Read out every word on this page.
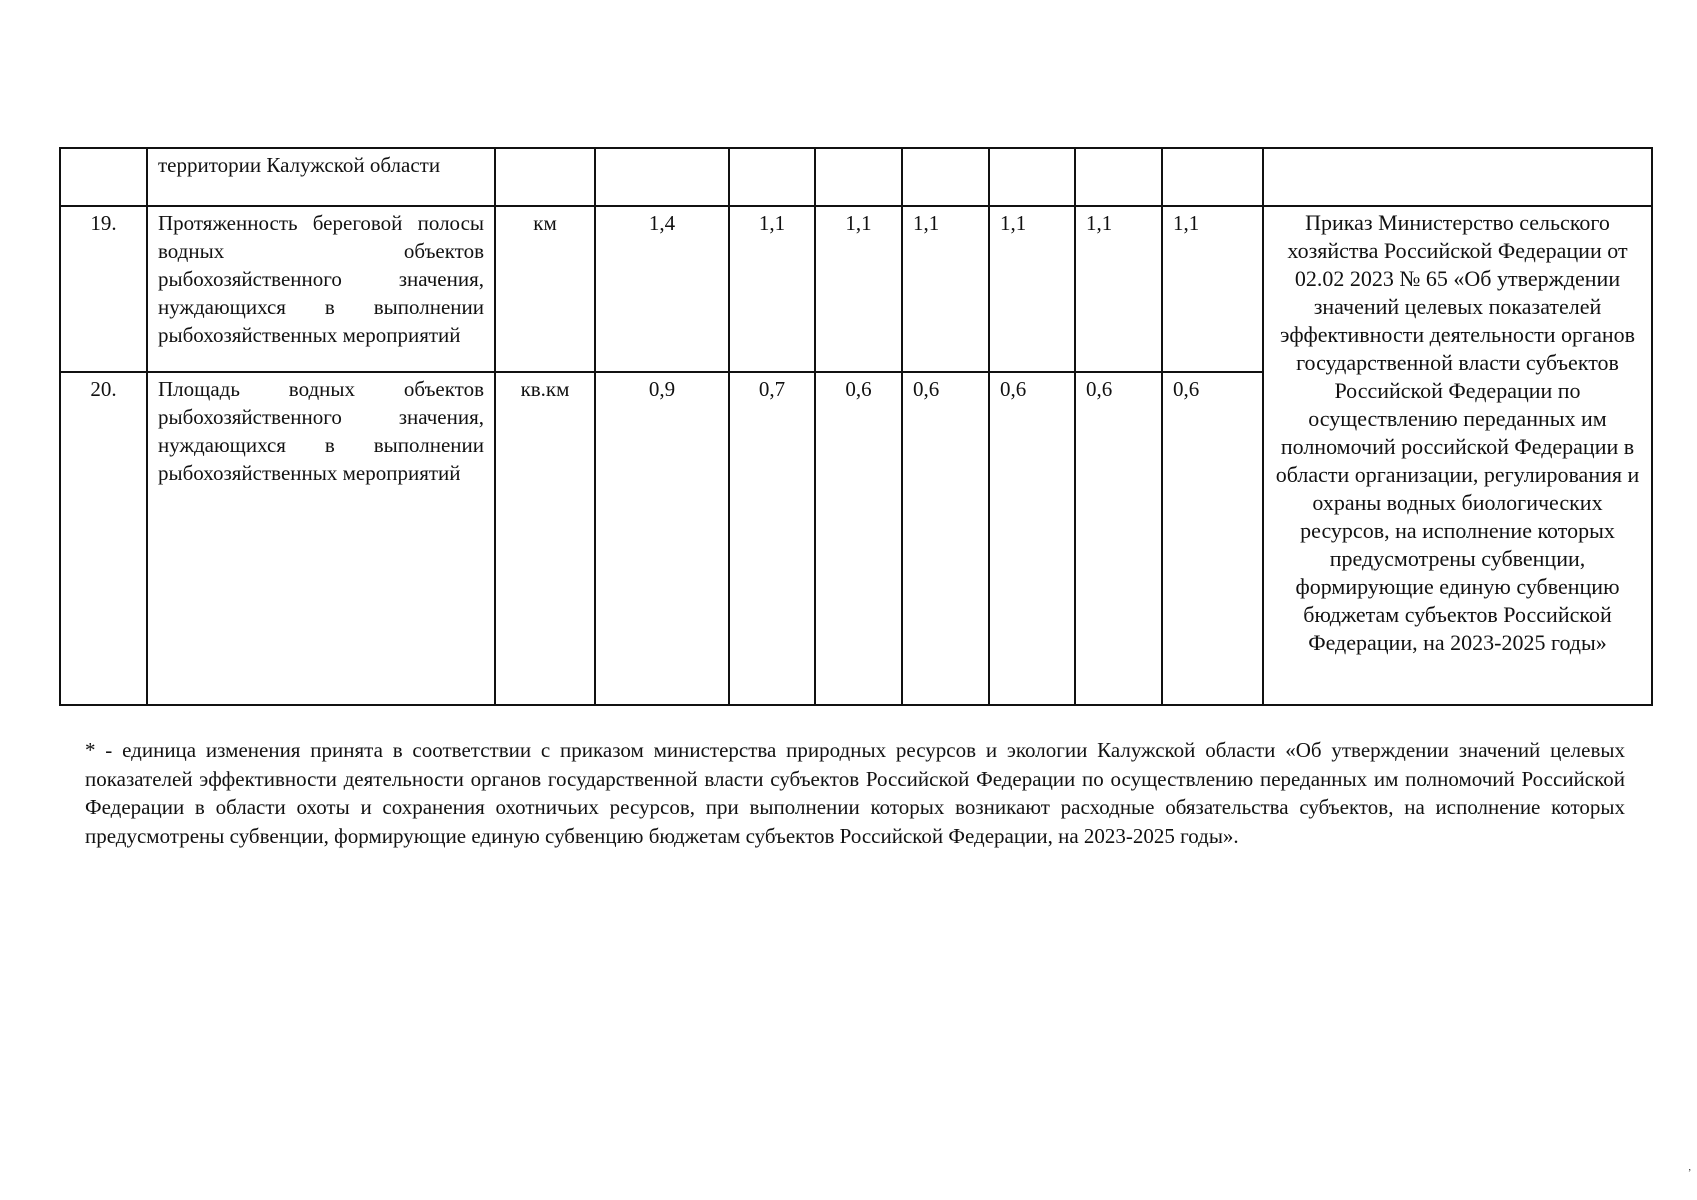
	территории Калужской области									

19.	Протяженность береговой полосы водных объектов рыбохозяйственного значения, нуждающихся в выполнении рыбохозяйственных мероприятий	км	1,4	1,1	1,1	1,1	1,1	1,1	1,1	Приказ Министерство сельского хозяйства Российской Федерации от 02.02 2023 № 65 «Об утверждении значений целевых показателей эффективности деятельности органов государственной власти субъектов Российской Федерации по осуществлению переданных им полномочий российской Федерации в области организации, регулирования и охраны водных биологических ресурсов, на исполнение которых предусмотрены субвенции, формирующие единую субвенцию бюджетам субъектов Российской Федерации, на 2023-2025 годы»
20.	Площадь водных объектов рыбохозяйственного значения, нуждающихся в выполнении рыбохозяйственных мероприятий	кв.км	0,9	0,7	0,6	0,6	0,6	0,6	0,6	

* - единица изменения принята в соответствии с приказом министерства природных ресурсов и экологии Калужской области «Об утверждении значений целевых показателей эффективности деятельности органов государственной власти субъектов Российской Федерации по осуществлению переданных им полномочий Российской Федерации в области охоты и сохранения охотничьих ресурсов, при выполнении которых возникают расходные обязательства субъектов, на исполнение которых предусмотрены субвенции, формирующие единую субвенцию бюджетам субъектов Российской Федерации, на 2023-2025 годы».

’
